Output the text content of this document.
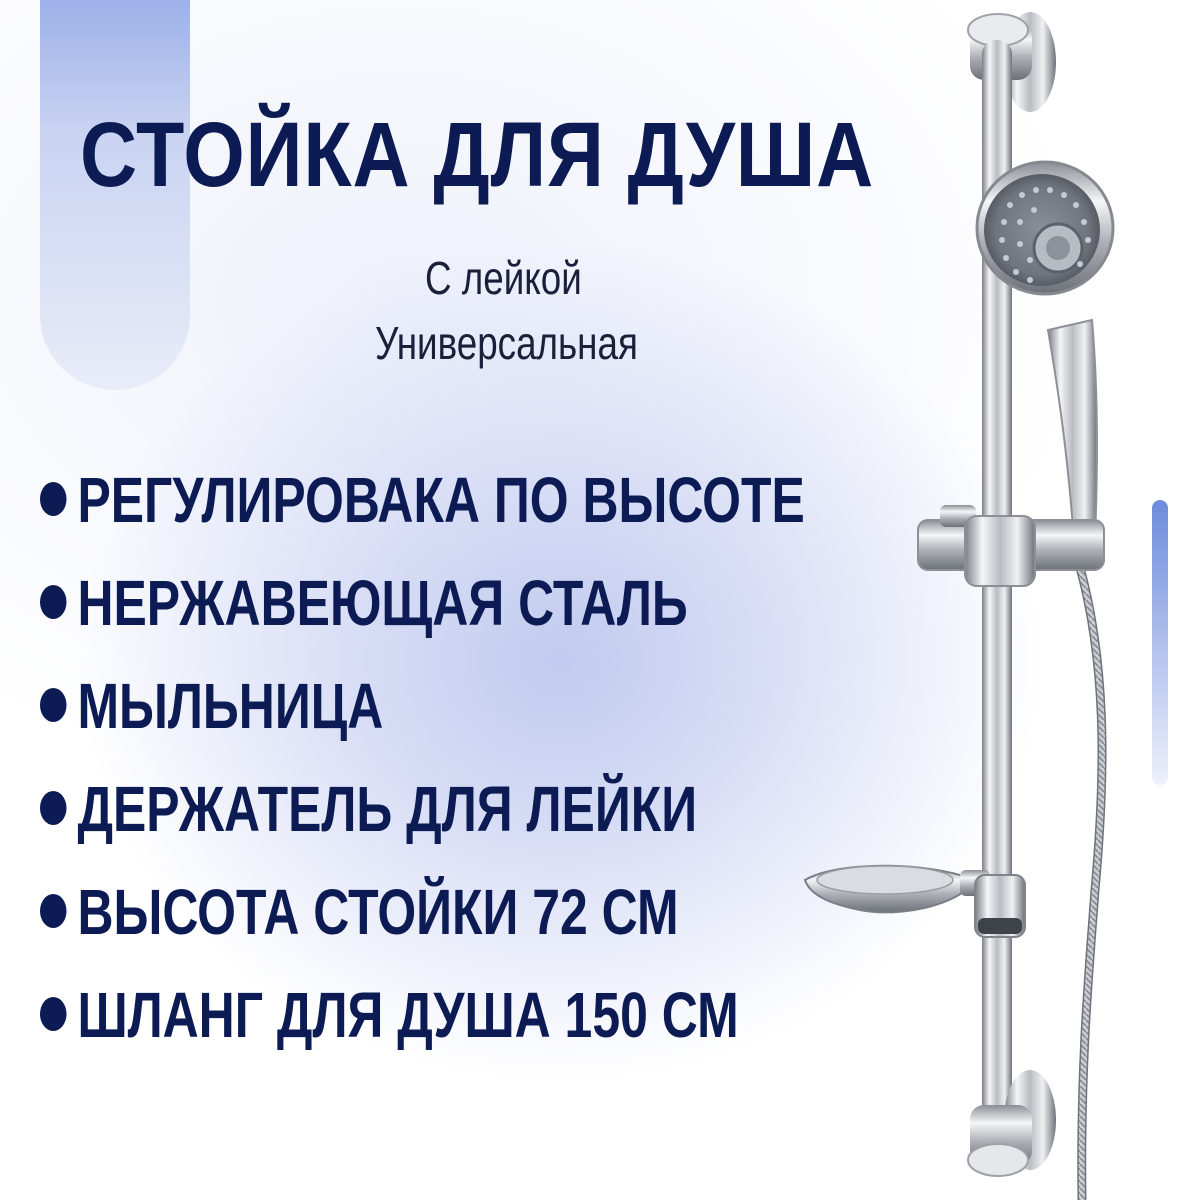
СТОЙКА ДЛЯ ДУША
С лейкой
Универсальная
РЕГУЛИРОВАКА ПО ВЫСОТЕ
НЕРЖАВЕЮЩАЯ СТАЛЬ
МЫЛЬНИЦА
ДЕРЖАТЕЛЬ ДЛЯ ЛЕЙКИ
ВЫСОТА СТОЙКИ 72 СМ
ШЛАНГ ДЛЯ ДУША 150 СМ
